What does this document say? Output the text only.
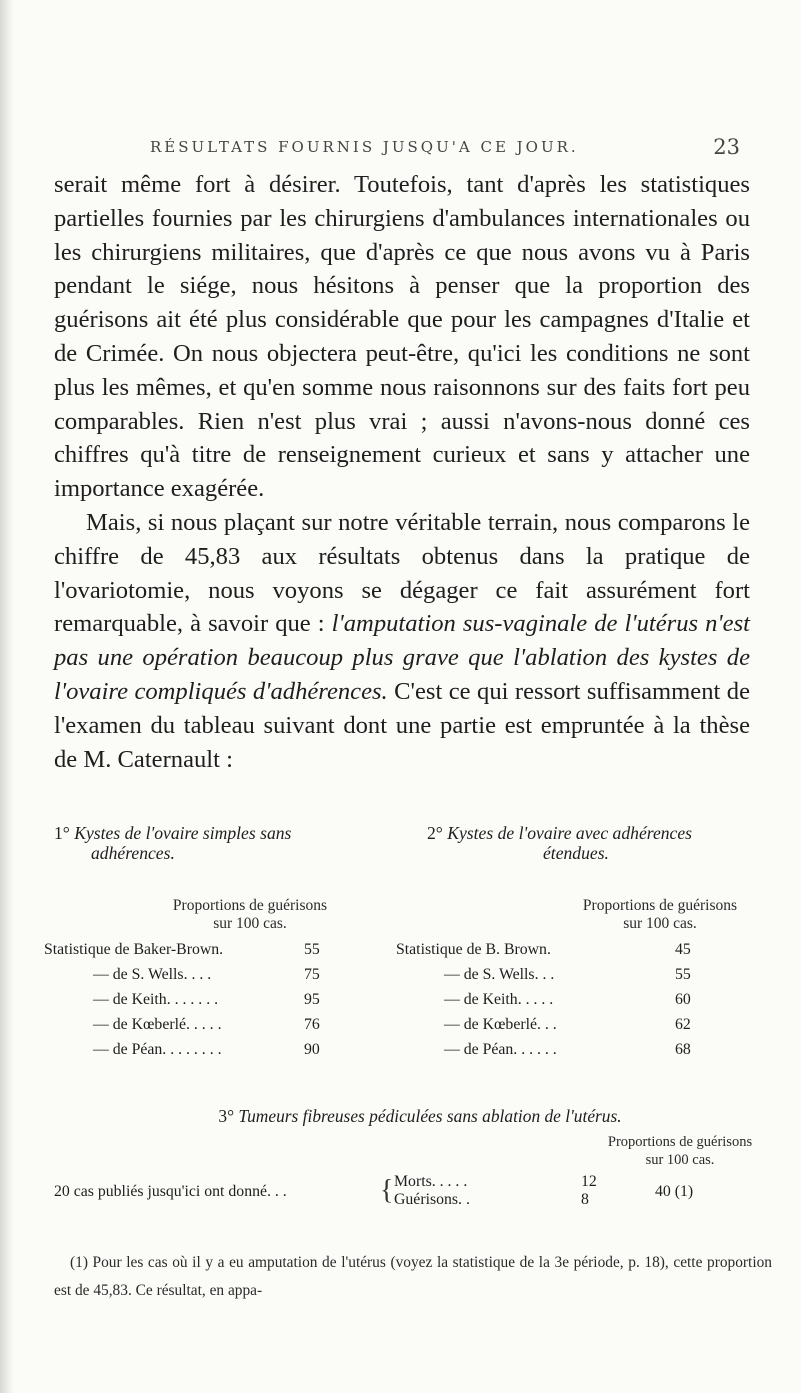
RÉSULTATS FOURNIS JUSQU'A CE JOUR.	23

serait même fort à désirer. Toutefois, tant d'après les statistiques partielles fournies par les chirurgiens d'ambulances internationales ou les chirurgiens militaires, que d'après ce que nous avons vu à Paris pendant le siége, nous hésitons à penser que la proportion des guérisons ait été plus considérable que pour les campagnes d'Italie et de Crimée. On nous objectera peut-être, qu'ici les conditions ne sont plus les mêmes, et qu'en somme nous raisonnons sur des faits fort peu comparables. Rien n'est plus vrai ; aussi n'avons-nous donné ces chiffres qu'à titre de renseignement curieux et sans y attacher une importance exagérée.

Mais, si nous plaçant sur notre véritable terrain, nous comparons le chiffre de 45,83 aux résultats obtenus dans la pratique de l'ovariotomie, nous voyons se dégager ce fait assurément fort remarquable, à savoir que : l'amputation sus-vaginale de l'utérus n'est pas une opération beaucoup plus grave que l'ablation des kystes de l'ovaire compliqués d'adhérences. C'est ce qui ressort suffisamment de l'examen du tableau suivant dont une partie est empruntée à la thèse de M. Caternault :

1° Kystes de l'ovaire simples sans
adhérences.
2° Kystes de l'ovaire avec adhérences
étendues.
Proportions de guérisons
sur 100 cas.
Proportions de guérisons
sur 100 cas.
Statistique de Baker-Brown.	55
— de S. Wells. . . .	75
— de Keith. . . . . . .	95
— de Kœberlé. . . . .	76
— de Péan. . . . . . . .	90
Statistique de B. Brown.	45
— de S. Wells. . .	55
— de Keith. . . . .	60
— de Kœberlé. . .	62
— de Péan. . . . . .	68
3° Tumeurs fibreuses pédiculées sans ablation de l'utérus.
Proportions de guérisons
sur 100 cas.
20 cas publiés jusqu'ici ont donné. . .	{ Morts. . . . .	12
Guérisons. .	8	40 (1)

(1) Pour les cas où il y a eu amputation de l'utérus (voyez la statistique de la 3e période, p. 18), cette proportion est de 45,83. Ce résultat, en appa-
